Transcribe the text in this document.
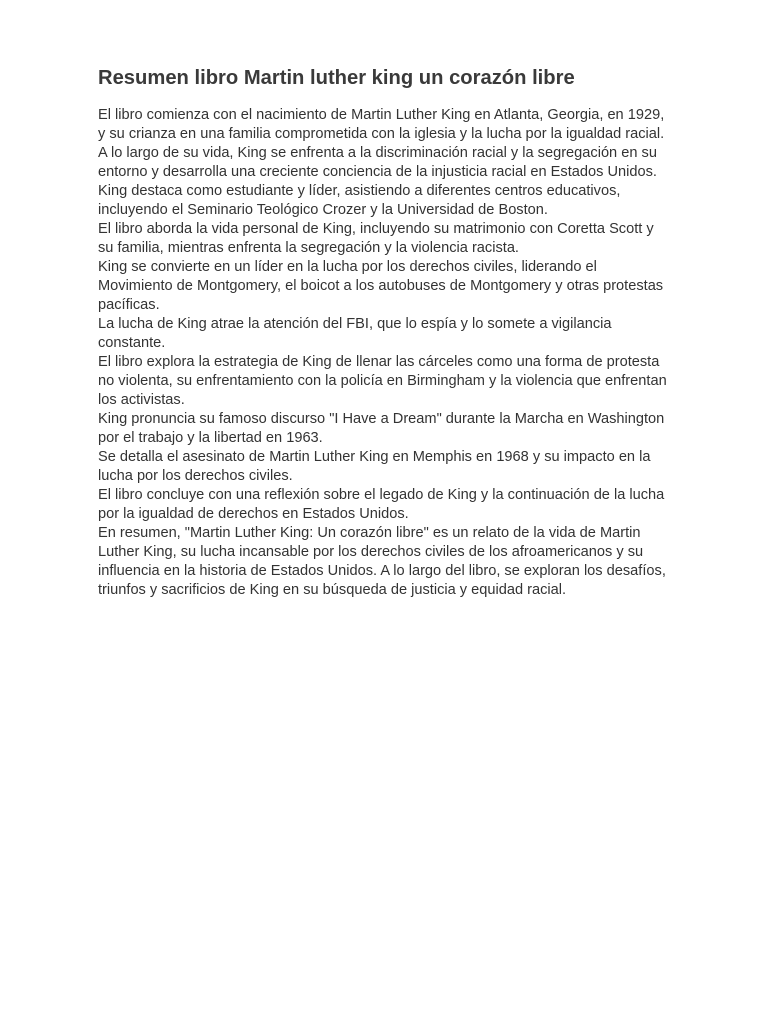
Resumen libro Martin luther king un corazón libre

El libro comienza con el nacimiento de Martin Luther King en Atlanta, Georgia, en 1929, y su crianza en una familia comprometida con la iglesia y la lucha por la igualdad racial.

A lo largo de su vida, King se enfrenta a la discriminación racial y la segregación en su entorno y desarrolla una creciente conciencia de la injusticia racial en Estados Unidos.

King destaca como estudiante y líder, asistiendo a diferentes centros educativos, incluyendo el Seminario Teológico Crozer y la Universidad de Boston.

El libro aborda la vida personal de King, incluyendo su matrimonio con Coretta Scott y su familia, mientras enfrenta la segregación y la violencia racista.

King se convierte en un líder en la lucha por los derechos civiles, liderando el Movimiento de Montgomery, el boicot a los autobuses de Montgomery y otras protestas pacíficas.

La lucha de King atrae la atención del FBI, que lo espía y lo somete a vigilancia constante.

El libro explora la estrategia de King de llenar las cárceles como una forma de protesta no violenta, su enfrentamiento con la policía en Birmingham y la violencia que enfrentan los activistas.

King pronuncia su famoso discurso "I Have a Dream" durante la Marcha en Washington por el trabajo y la libertad en 1963.

Se detalla el asesinato de Martin Luther King en Memphis en 1968 y su impacto en la lucha por los derechos civiles.

El libro concluye con una reflexión sobre el legado de King y la continuación de la lucha por la igualdad de derechos en Estados Unidos.

En resumen, "Martin Luther King: Un corazón libre" es un relato de la vida de Martin Luther King, su lucha incansable por los derechos civiles de los afroamericanos y su influencia en la historia de Estados Unidos. A lo largo del libro, se exploran los desafíos, triunfos y sacrificios de King en su búsqueda de justicia y equidad racial.
